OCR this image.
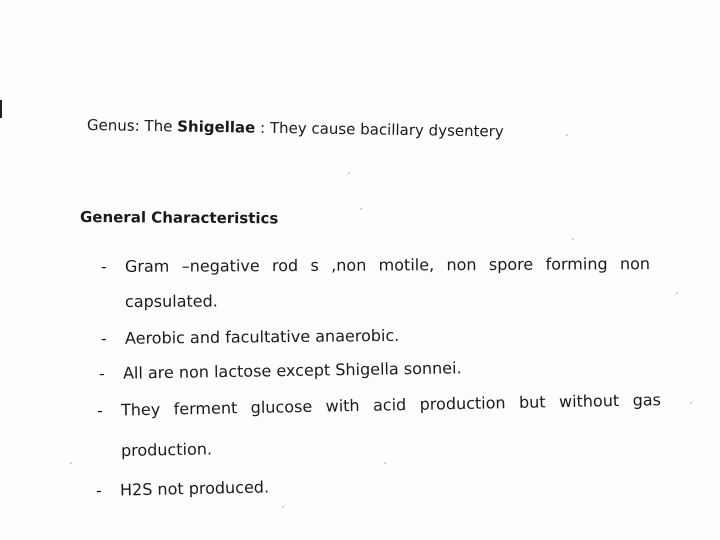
Genus: The Shigellae : They cause bacillary dysentery
General Characteristics
-	Gram –negative rod s ,non motile, non spore forming non
capsulated.
-	Aerobic and facultative anaerobic.
-	All are non lactose except Shigella sonnei.
-	They ferment glucose with acid production but without gas
production.
-	H2S not produced.
